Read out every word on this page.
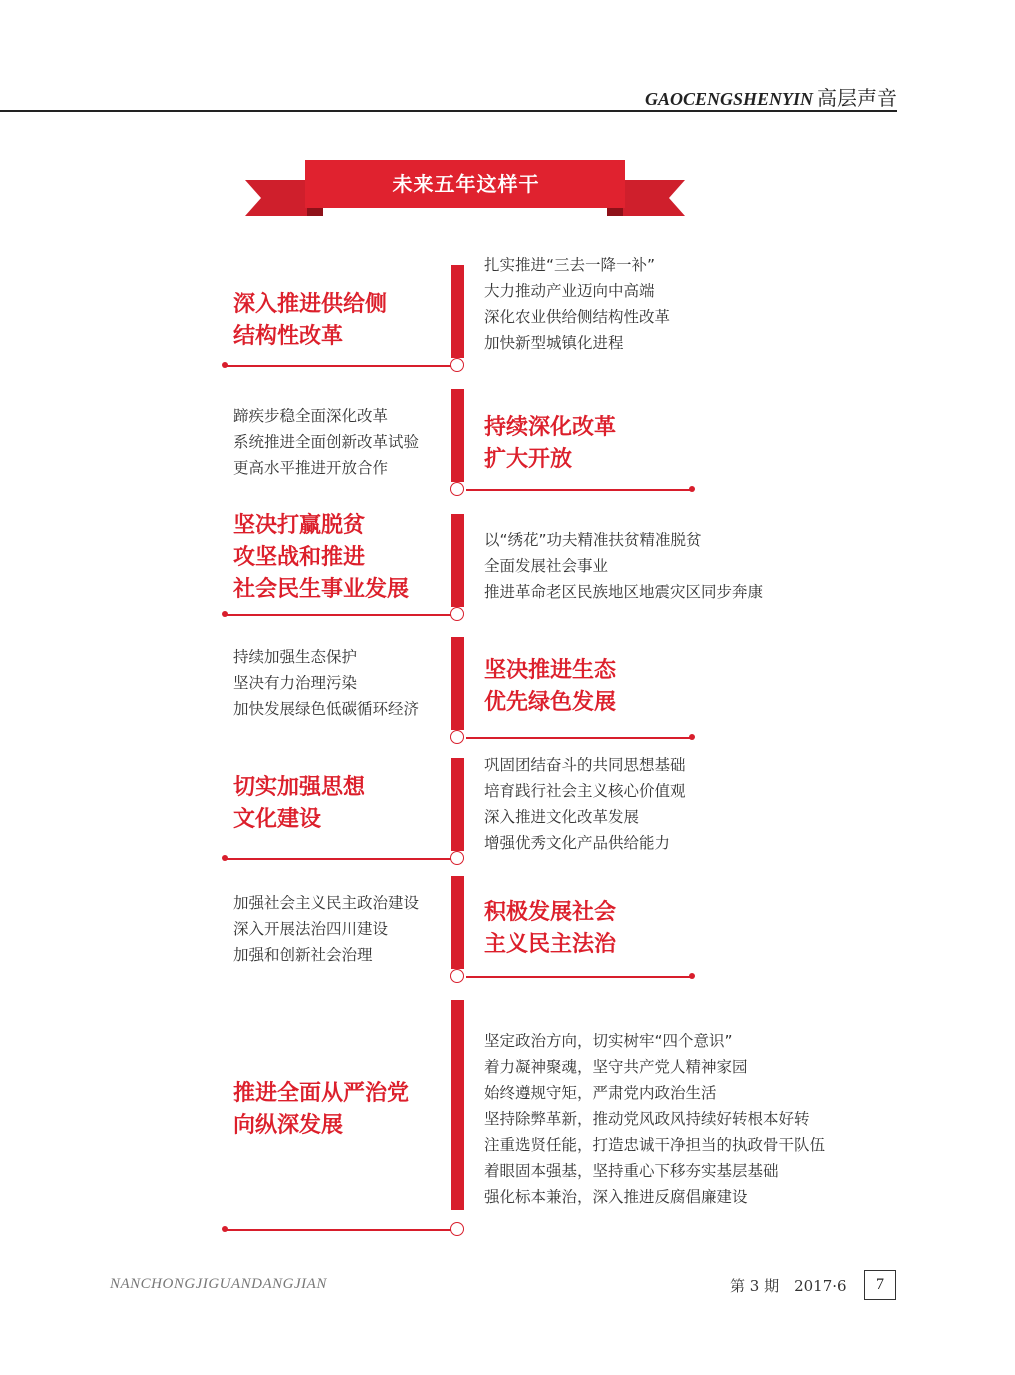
GAOCENGSHENYIN 高层声音
未来五年这样干
深入推进供给侧
结构性改革
扎实推进“三去一降一补”
大力推动产业迈向中高端
深化农业供给侧结构性改革
加快新型城镇化进程
蹄疾步稳全面深化改革
系统推进全面创新改革试验
更高水平推进开放合作
持续深化改革
扩大开放
坚决打赢脱贫
攻坚战和推进
社会民生事业发展
以“绣花”功夫精准扶贫精准脱贫
全面发展社会事业
推进革命老区民族地区地震灾区同步奔康
持续加强生态保护
坚决有力治理污染
加快发展绿色低碳循环经济
坚决推进生态
优先绿色发展
切实加强思想
文化建设
巩固团结奋斗的共同思想基础
培育践行社会主义核心价值观
深入推进文化改革发展
增强优秀文化产品供给能力
加强社会主义民主政治建设
深入开展法治四川建设
加强和创新社会治理
积极发展社会
主义民主法治
推进全面从严治党
向纵深发展
坚定政治方向，切实树牢“四个意识”
着力凝神聚魂，坚守共产党人精神家园
始终遵规守矩，严肃党内政治生活
坚持除弊革新，推动党风政风持续好转根本好转
注重选贤任能，打造忠诚干净担当的执政骨干队伍
着眼固本强基，坚持重心下移夯实基层基础
强化标本兼治，深入推进反腐倡廉建设
NANCHONGJIGUANDANGJIAN	第 3 期　2017·6	7
